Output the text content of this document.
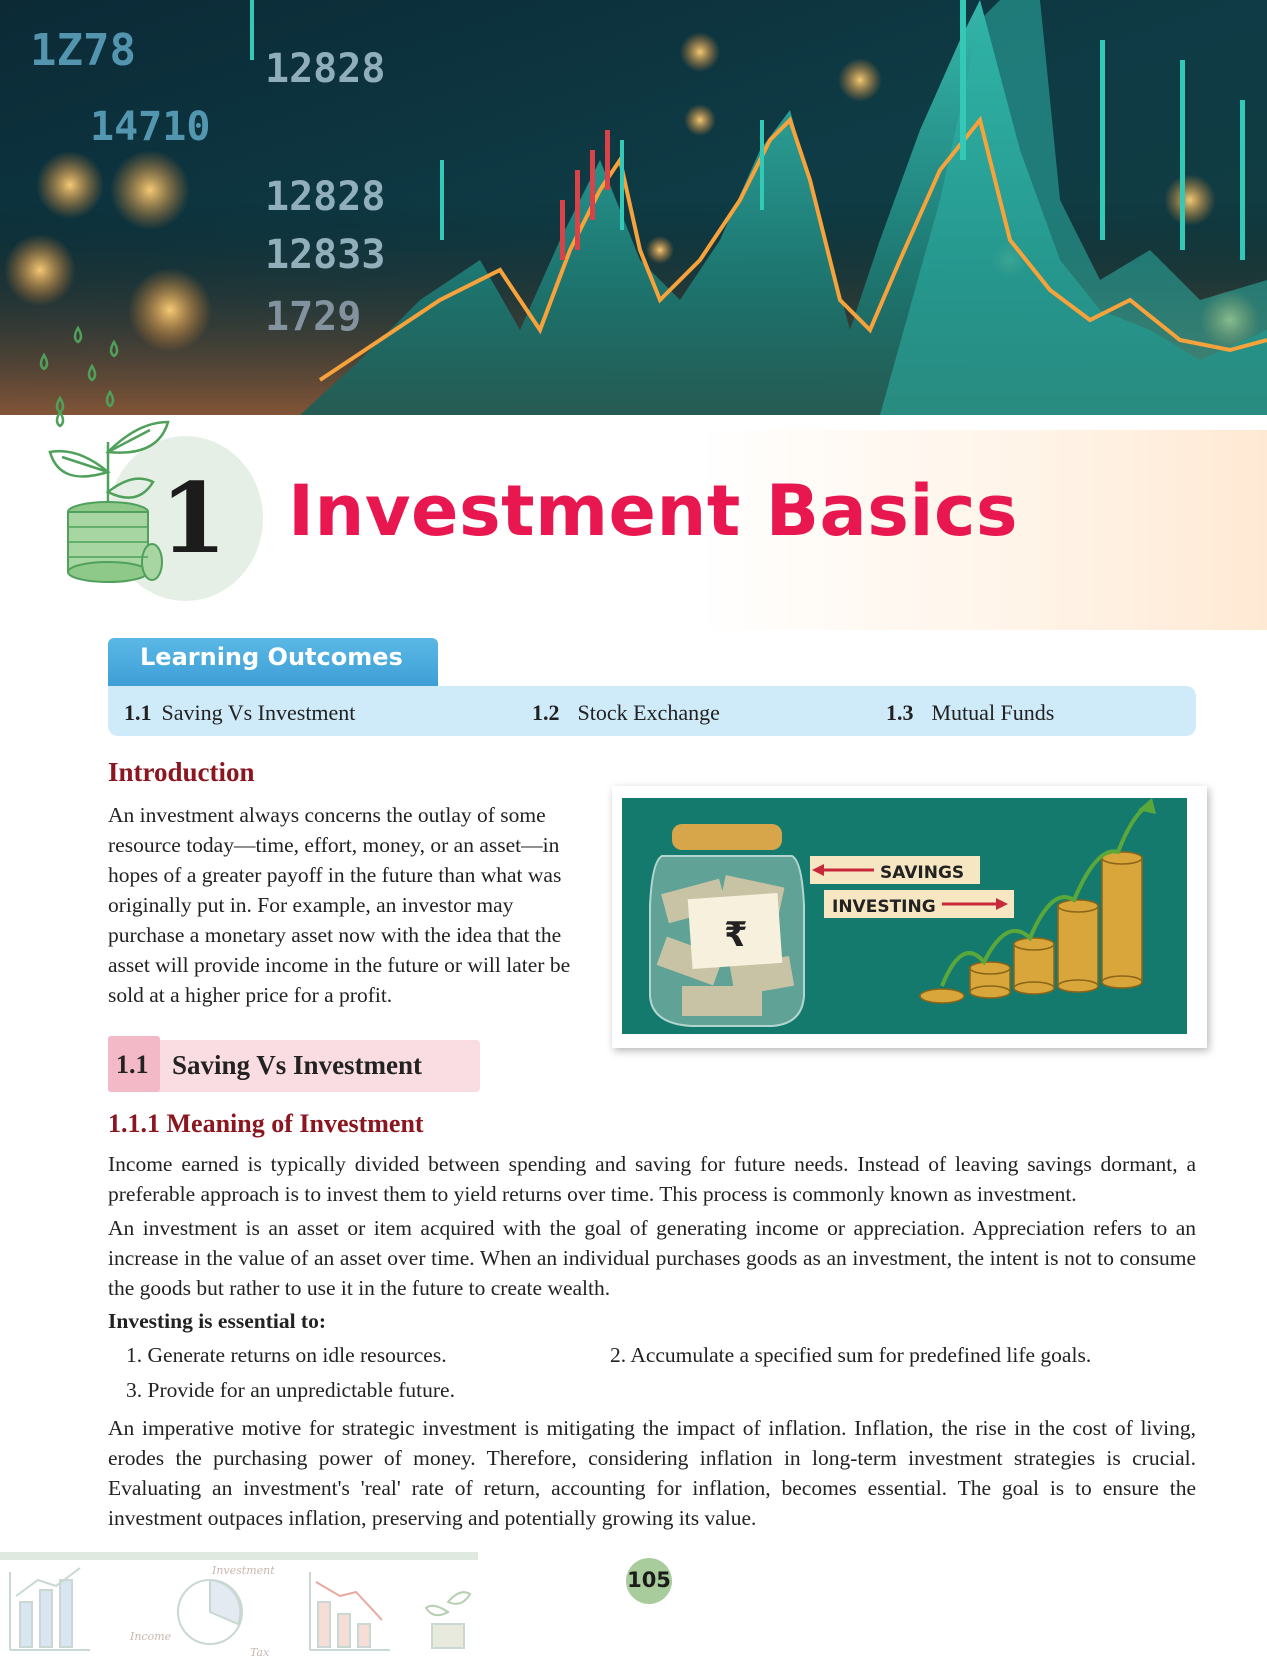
1Z78	12828
14710
12828
12833
1729
1 Investment Basics
Learning Outcomes
1.1 Saving Vs Investment	1.2 Stock Exchange	1.3 Mutual Funds
Introduction
An investment always concerns the outlay of some resource today—time, effort, money, or an asset—in hopes of a greater payoff in the future than what was originally put in. For example, an investor may purchase a monetary asset now with the idea that the asset will provide income in the future or will later be sold at a higher price for a profit.
₹
SAVINGS
INVESTING
1.1 Saving Vs Investment
1.1.1 Meaning of Investment
Income earned is typically divided between spending and saving for future needs. Instead of leaving savings dormant, a preferable approach is to invest them to yield returns over time. This process is commonly known as investment.
An investment is an asset or item acquired with the goal of generating income or appreciation. Appreciation refers to an increase in the value of an asset over time. When an individual purchases goods as an investment, the intent is not to consume the goods but rather to use it in the future to create wealth.
Investing is essential to:
1. Generate returns on idle resources.	2. Accumulate a specified sum for predefined life goals.
3. Provide for an unpredictable future.
An imperative motive for strategic investment is mitigating the impact of inflation. Inflation, the rise in the cost of living, erodes the purchasing power of money. Therefore, considering inflation in long-term investment strategies is crucial. Evaluating an investment's 'real' rate of return, accounting for inflation, becomes essential. The goal is to ensure the investment outpaces inflation, preserving and potentially growing its value.
Investment
Income
Tax
105
